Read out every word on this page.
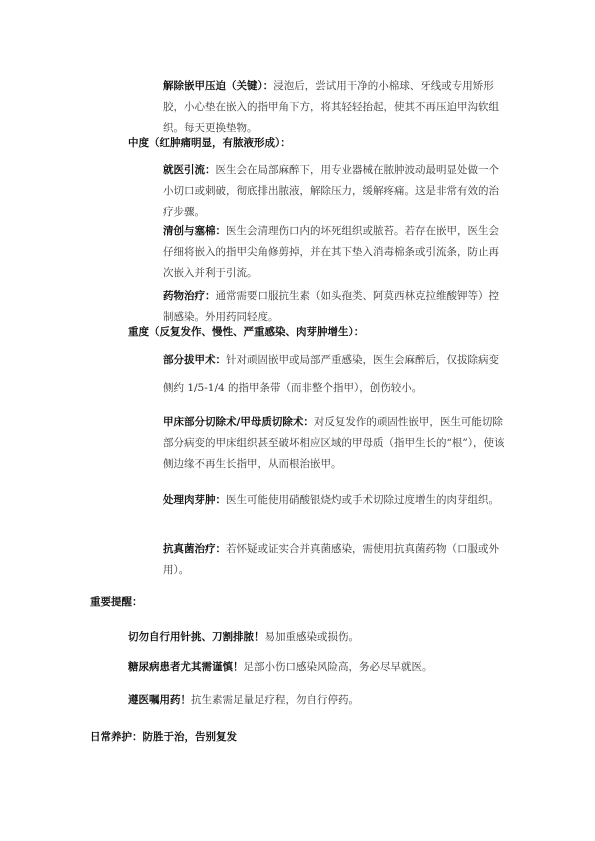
解除嵌甲压迫（关键）：浸泡后，尝试用干净的小棉球、牙线或专用矫形胶，小心垫在嵌入的指甲角下方，将其轻轻抬起，使其不再压迫甲沟软组织。每天更换垫物。

中度（红肿痛明显，有脓液形成）：

就医引流：医生会在局部麻醉下，用专业器械在脓肿波动最明显处做一个小切口或刺破，彻底排出脓液，解除压力，缓解疼痛。这是非常有效的治疗步骤。

清创与塞棉：医生会清理伤口内的坏死组织或脓苔。若存在嵌甲，医生会仔细将嵌入的指甲尖角修剪掉，并在其下垫入消毒棉条或引流条，防止再次嵌入并利于引流。

药物治疗：通常需要口服抗生素（如头孢类、阿莫西林克拉维酸钾等）控制感染。外用药同轻度。

重度（反复发作、慢性、严重感染、肉芽肿增生）：

部分拔甲术：针对顽固嵌甲或局部严重感染，医生会麻醉后，仅拔除病变侧约 1/5-1/4 的指甲条带（而非整个指甲），创伤较小。

甲床部分切除术/甲母质切除术：对反复发作的顽固性嵌甲，医生可能切除部分病变的甲床组织甚至破坏相应区域的甲母质（指甲生长的“根”），使该侧边缘不再生长指甲，从而根治嵌甲。

处理肉芽肿：医生可能使用硝酸银烧灼或手术切除过度增生的肉芽组织。

抗真菌治疗：若怀疑或证实合并真菌感染，需使用抗真菌药物（口服或外用）。

重要提醒：

切勿自行用针挑、刀割排脓！易加重感染或损伤。

糖尿病患者尤其需谨慎！足部小伤口感染风险高，务必尽早就医。

遵医嘱用药！抗生素需足量足疗程，勿自行停药。

日常养护：防胜于治，告别复发
